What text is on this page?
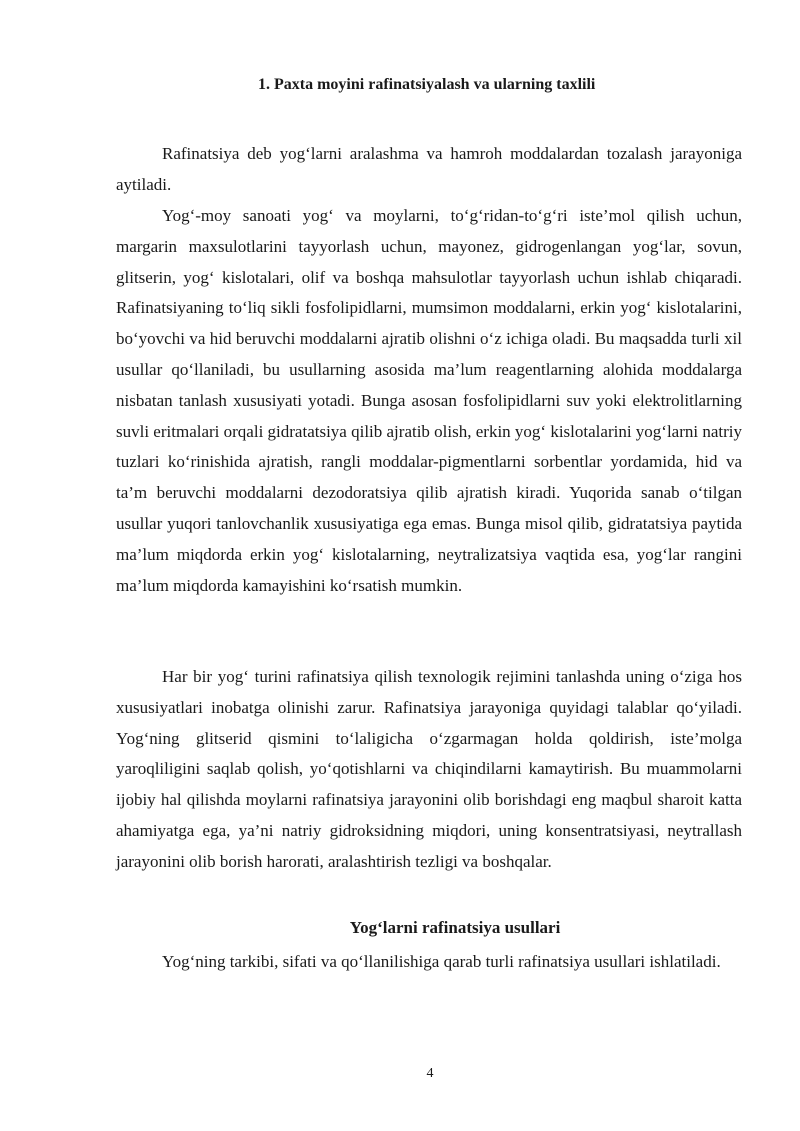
1. Paxta moyini rafinatsiyalash va ularning taxlili

Rafinatsiya deb yog‘larni aralashma va hamroh moddalardan tozalash jarayoniga aytiladi.

Yog‘-moy sanoati yog‘ va moylarni, to‘g‘ridan-to‘g‘ri iste’mol qilish uchun, margarin maxsulotlarini tayyorlash uchun, mayonez, gidrogenlangan yog‘lar, sovun, glitserin, yog‘ kislotalari, olif va boshqa mahsulotlar tayyorlash uchun ishlab chiqaradi. Rafinatsiyaning to‘liq sikli fosfolipidlarni, mumsimon moddalarni, erkin yog‘ kislotalarini, bo‘yovchi va hid beruvchi moddalarni ajratib olishni o‘z ichiga oladi. Bu maqsadda turli xil usullar qo‘llaniladi, bu usullarning asosida ma’lum reagentlarning alohida moddalarga nisbatan tanlash xususiyati yotadi. Bunga asosan fosfolipidlarni suv yoki elektrolitlarning suvli eritmalari orqali gidratatsiya qilib ajratib olish, erkin yog‘ kislotalarini yog‘larni natriy tuzlari ko‘rinishida ajratish, rangli moddalar-pigmentlarni sorbentlar yordamida, hid va ta’m beruvchi moddalarni dezodoratsiya qilib ajratish kiradi. Yuqorida sanab o‘tilgan usullar yuqori tanlovchanlik xususiyatiga ega emas. Bunga misol qilib, gidratatsiya paytida ma’lum miqdorda erkin yog‘ kislotalarning, neytralizatsiya vaqtida esa, yog‘lar rangini ma’lum miqdorda kamayishini ko‘rsatish mumkin.

Har bir yog‘ turini rafinatsiya qilish texnologik rejimini tanlashda uning o‘ziga hos xususiyatlari inobatga olinishi zarur. Rafinatsiya jarayoniga quyidagi talablar qo‘yiladi. Yog‘ning glitserid qismini to‘laligicha o‘zgarmagan holda qoldirish, iste’molga yaroqliligini saqlab qolish, yo‘qotishlarni va chiqindilarni kamaytirish. Bu muammolarni ijobiy hal qilishda moylarni rafinatsiya jarayonini olib borishdagi eng maqbul sharoit katta ahamiyatga ega, ya’ni natriy gidroksidning miqdori, uning konsentratsiyasi, neytrallash jarayonini olib borish harorati, aralashtirish tezligi va boshqalar.

Yog‘larni rafinatsiya usullari

Yog‘ning tarkibi, sifati va qo‘llanilishiga qarab turli rafinatsiya usullari ishlatiladi.

4
